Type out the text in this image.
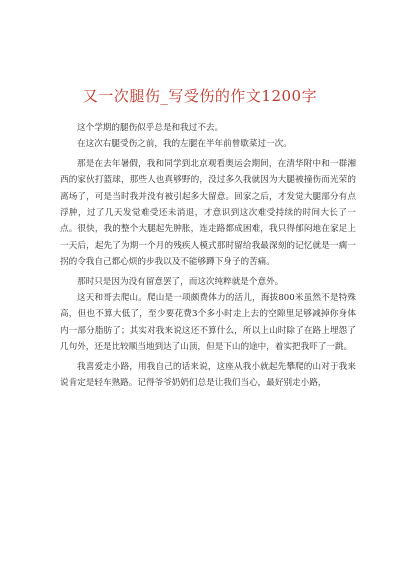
又一次腿伤_写受伤的作文1200字

这个学期的腿伤似乎总是和我过不去。

在这次右腿受伤之前，我的左腿在半年前曾歇菜过一次。

那是在去年暑假，我和同学到北京观看奥运会期间，在清华附中和一群湘西的家伙打篮球，那些人也真够野的，没过多久我就因为大腿被撞伤而光荣的离场了，可是当时我并没有被引起多大留意。回家之后，才发觉大腿部分有点浮肿，过了几天发觉难受还未消退，才意识到这次难受持续的时间大长了一点。很快，我的整个大腿起先肿胀，连走路都成困难，我只得郁闷地在家足上一天后，起先了为期一个月的残疾人模式那时留给我最深刻的记忆就是一瘸一拐的令我自己都心烦的步我以及不能够蹲下身子的苦痛。

那时只是因为没有留意罢了，而这次纯粹就是个意外。

这天和哥去爬山。爬山是一项颇费体力的活儿，海拔800米虽然不是特殊高，但也不算大低了，至少要花费3个多小时走上去的空隙里足够减掉你身体内一部分脂肪了；其实对我来说这还不算什么，所以上山时除了在路上埋怨了几句外，还是比较顺当地到达了山顶，但是下山的途中，着实把我吓了一跳。

我喜爱走小路，用我自己的话来说，这座从我小就起先攀爬的山对于我来说肯定是轻车熟路。记得爷爷奶奶们总是让我们当心，最好别走小路，
